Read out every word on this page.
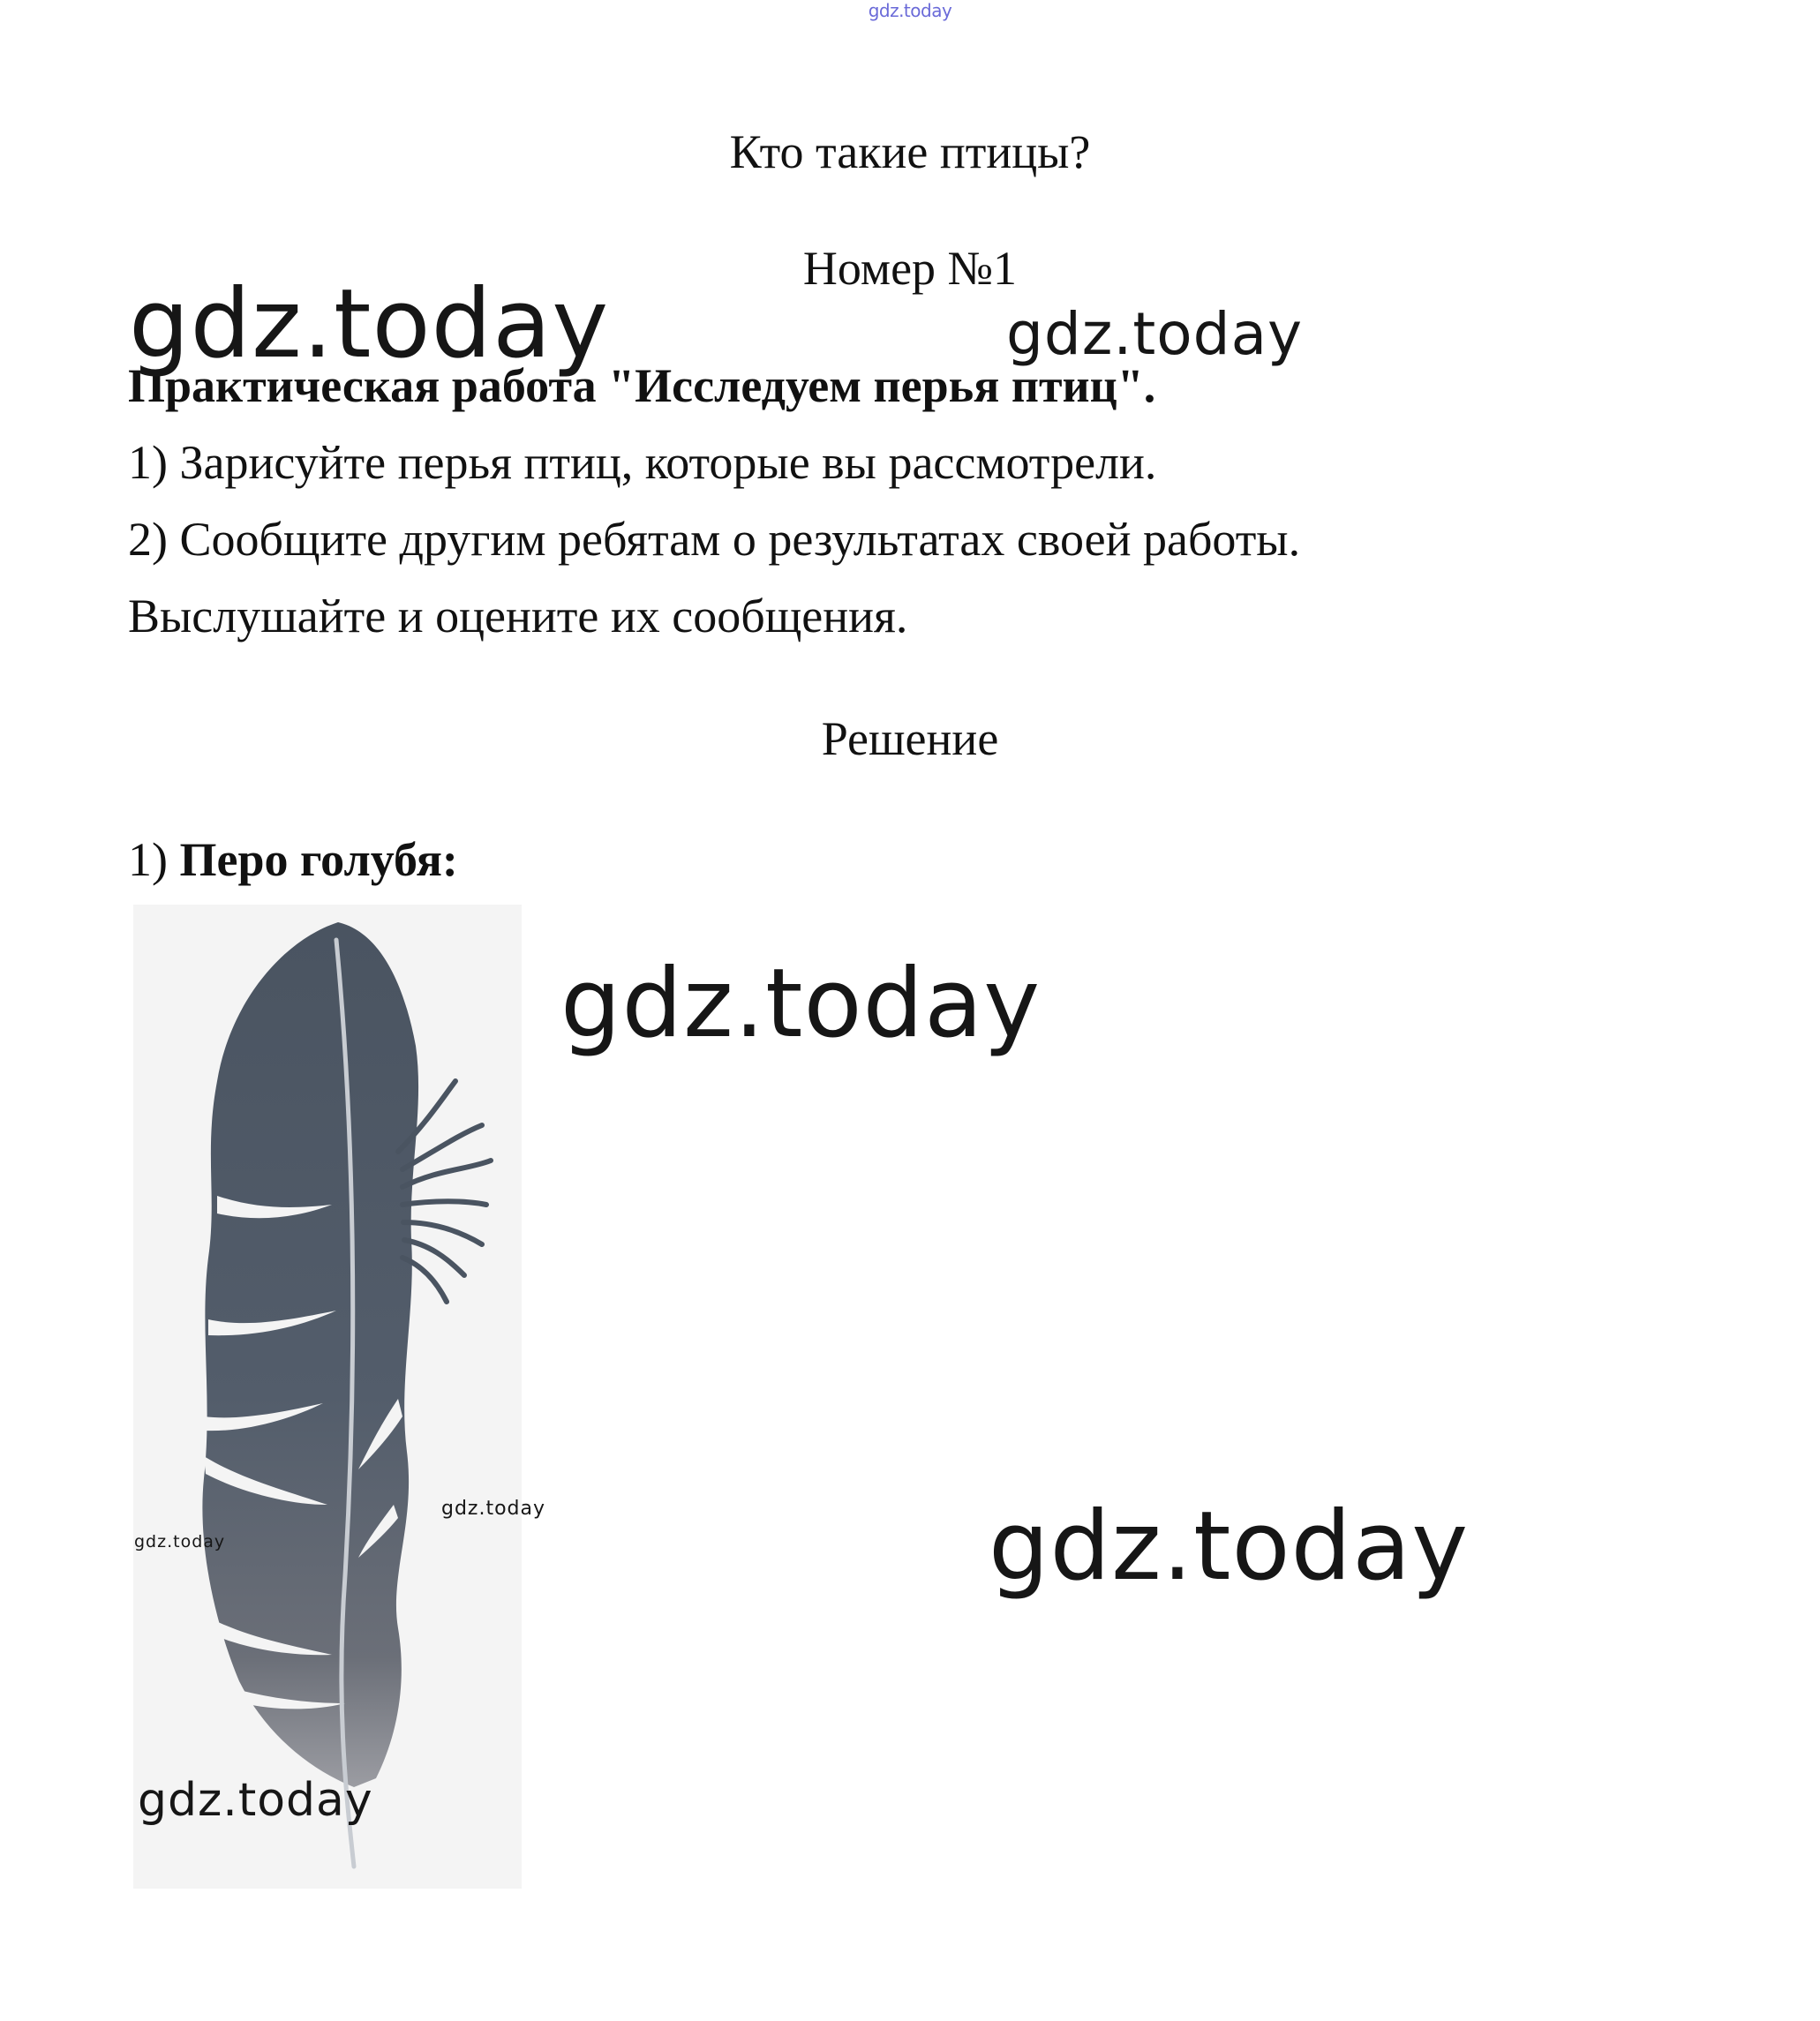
gdz.today
Кто такие птицы?
Номер №1
Практическая работа "Исследуем перья птиц".
1) Зарисуйте перья птиц, которые вы рассмотрели.
2) Сообщите другим ребятам о результатах своей работы.
Выслушайте и оцените их сообщения.
Решение
1) Перо голубя:
gdz.today	gdz.today
gdz.today
gdz.today
gdz.today	gdz.today
gdz.today
